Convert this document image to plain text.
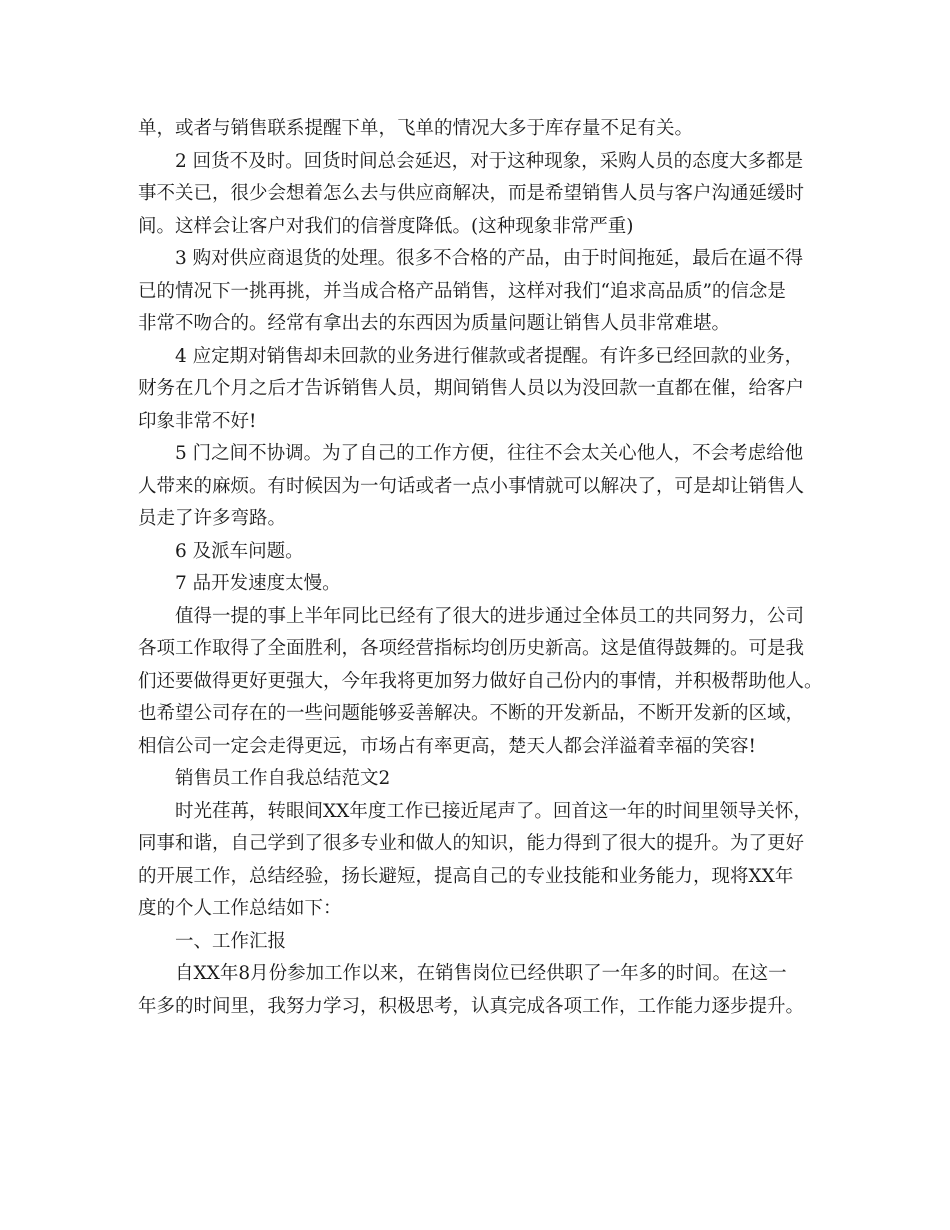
单，或者与销售联系提醒下单，飞单的情况大多于库存量不足有关。
2 回货不及时。回货时间总会延迟，对于这种现象，采购人员的态度大多都是
事不关已，很少会想着怎么去与供应商解决，而是希望销售人员与客户沟通延缓时
间。这样会让客户对我们的信誉度降低。(这种现象非常严重)
3 购对供应商退货的处理。很多不合格的产品，由于时间拖延，最后在逼不得
已的情况下一挑再挑，并当成合格产品销售，这样对我们“追求高品质”的信念是
非常不吻合的。经常有拿出去的东西因为质量问题让销售人员非常难堪。
4 应定期对销售却未回款的业务进行催款或者提醒。有许多已经回款的业务，
财务在几个月之后才告诉销售人员，期间销售人员以为没回款一直都在催，给客户
印象非常不好!
5 门之间不协调。为了自己的工作方便，往往不会太关心他人，不会考虑给他
人带来的麻烦。有时候因为一句话或者一点小事情就可以解决了，可是却让销售人
员走了许多弯路。
6 及派车问题。
7 品开发速度太慢。
值得一提的事上半年同比已经有了很大的进步通过全体员工的共同努力，公司
各项工作取得了全面胜利，各项经营指标均创历史新高。这是值得鼓舞的。可是我
们还要做得更好更强大，今年我将更加努力做好自己份内的事情，并积极帮助他人。
也希望公司存在的一些问题能够妥善解决。不断的开发新品，不断开发新的区域，
相信公司一定会走得更远，市场占有率更高，楚天人都会洋溢着幸福的笑容!
销售员工作自我总结范文2
时光荏苒，转眼间XX年度工作已接近尾声了。回首这一年的时间里领导关怀，
同事和谐，自己学到了很多专业和做人的知识，能力得到了很大的提升。为了更好
的开展工作，总结经验，扬长避短，提高自己的专业技能和业务能力，现将XX年
度的个人工作总结如下：
一、工作汇报
自XX年8月份参加工作以来，在销售岗位已经供职了一年多的时间。在这一
年多的时间里，我努力学习，积极思考，认真完成各项工作，工作能力逐步提升。
